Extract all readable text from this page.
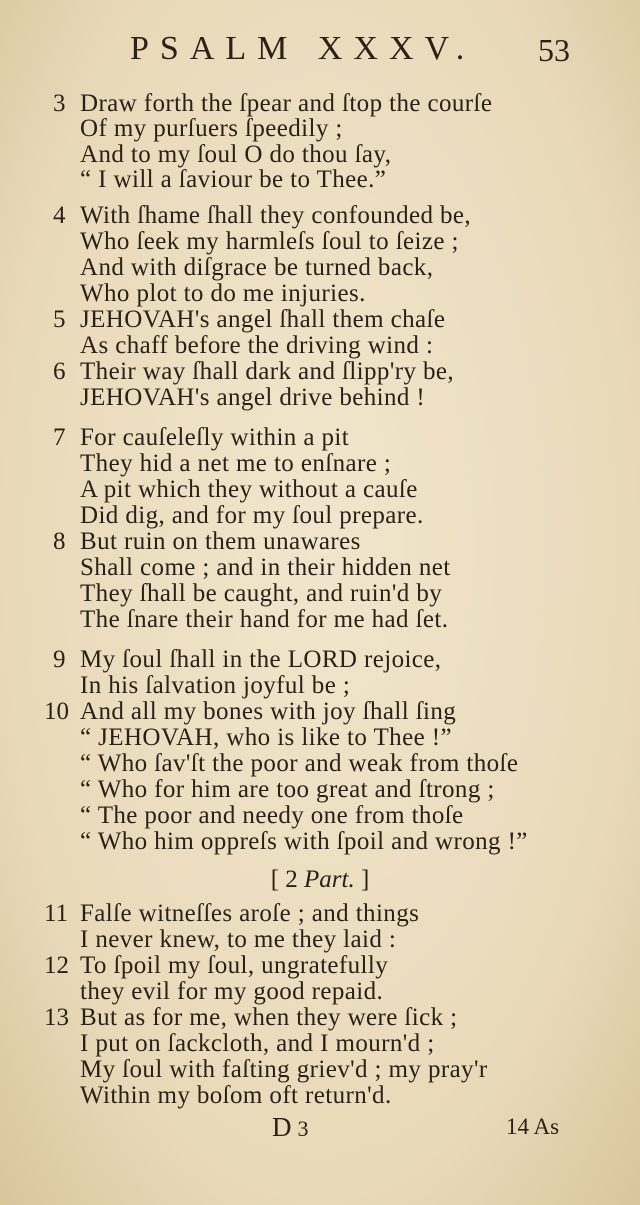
PSALM XXXV. 53
3 Draw forth the ſpear and ſtop the courſe
Of my purſuers ſpeedily ;
And to my ſoul O do thou ſay,
“ I will a ſaviour be to Thee.”
4 With ſhame ſhall they confounded be,
Who ſeek my harmleſs ſoul to ſeize ;
And with diſgrace be turned back,
Who plot to do me injuries.
5 JEHOVAH's angel ſhall them chaſe
As chaff before the driving wind :
6 Their way ſhall dark and ſlipp'ry be,
JEHOVAH's angel drive behind !
7 For cauſeleſly within a pit
They hid a net me to enſnare ;
A pit which they without a cauſe
Did dig, and for my ſoul prepare.
8 But ruin on them unawares
Shall come ; and in their hidden net
They ſhall be caught, and ruin'd by
The ſnare their hand for me had ſet.
9 My ſoul ſhall in the LORD rejoice,
In his ſalvation joyful be ;
10 And all my bones with joy ſhall ſing
“ JEHOVAH, who is like to Thee !”
“ Who ſav'ſt the poor and weak from thoſe
“ Who for him are too great and ſtrong ;
“ The poor and needy one from thoſe
“ Who him oppreſs with ſpoil and wrong !”
[ 2 Part. ]
11 Falſe witneſſes aroſe ; and things
I never knew, to me they laid :
12 To ſpoil my ſoul, ungratefully
they evil for my good repaid.
13 But as for me, when they were ſick ;
I put on ſackcloth, and I mourn'd ;
My ſoul with faſting griev'd ; my pray'r
Within my boſom oft return'd.
D 3	14 As
